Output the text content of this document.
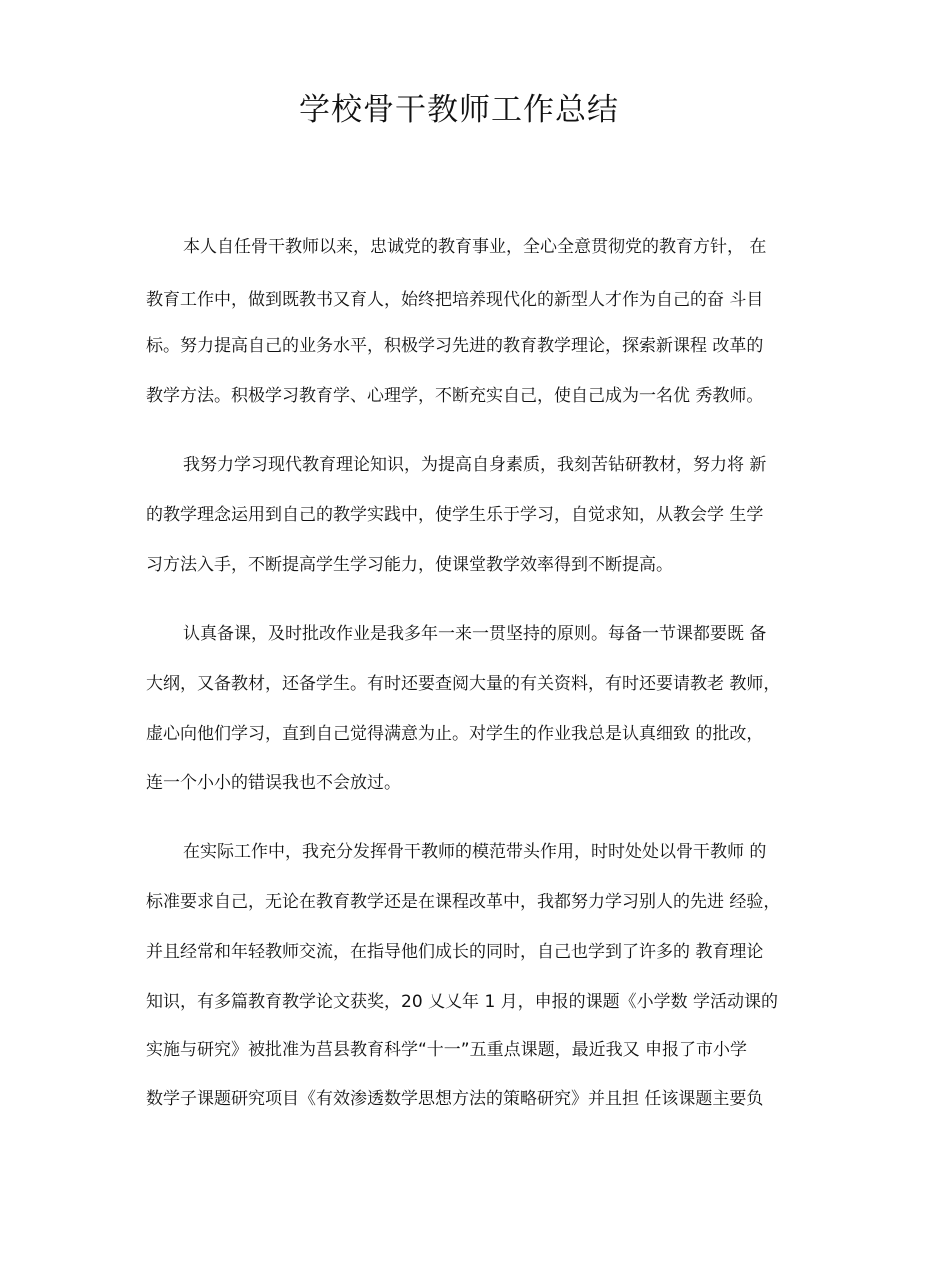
学校骨干教师工作总结

本人自任骨干教师以来，忠诚党的教育事业，全心全意贯彻党的教育方针， 在

教育工作中，做到既教书又育人，始终把培养现代化的新型人才作为自己的奋 斗目

标。努力提高自己的业务水平，积极学习先进的教育教学理论，探索新课程 改革的

教学方法。积极学习教育学、心理学，不断充实自己，使自己成为一名优 秀教师。

我努力学习现代教育理论知识，为提高自身素质，我刻苦钻研教材，努力将 新

的教学理念运用到自己的教学实践中，使学生乐于学习，自觉求知，从教会学 生学

习方法入手，不断提高学生学习能力，使课堂教学效率得到不断提高。

认真备课，及时批改作业是我多年一来一贯坚持的原则。每备一节课都要既 备

大纲，又备教材，还备学生。有时还要查阅大量的有关资料，有时还要请教老 教师，

虚心向他们学习，直到自己觉得满意为止。对学生的作业我总是认真细致 的批改，

连一个小小的错误我也不会放过。

在实际工作中，我充分发挥骨干教师的模范带头作用，时时处处以骨干教师 的

标准要求自己，无论在教育教学还是在课程改革中，我都努力学习别人的先进 经验，

并且经常和年轻教师交流，在指导他们成长的同时，自己也学到了许多的 教育理论

知识，有多篇教育教学论文获奖，20 乂乂年 1 月，申报的课题《小学数 学活动课的

实施与研究》被批准为莒县教育科学“十一”五重点课题，最近我又 申报了市小学

数学子课题研究项目《有效渗透数学思想方法的策略研究》并且担 任该课题主要负
